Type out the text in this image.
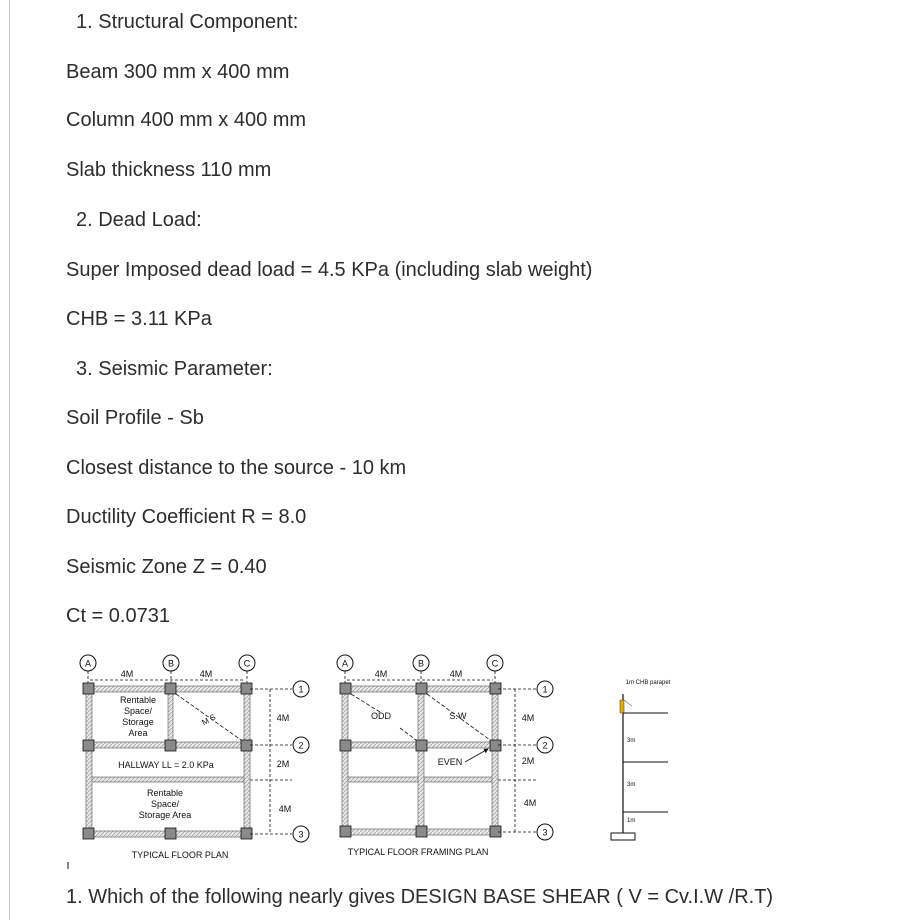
1. Structural Component:
Beam 300 mm x 400 mm
Column 400 mm x 400 mm
Slab thickness 110 mm
2. Dead Load:
Super Imposed dead load = 4.5 KPa (including slab weight)
CHB = 3.11 KPa
3. Seismic Parameter:
Soil Profile - Sb
Closest distance to the source - 10 km
Ductility Coefficient R = 8.0
Seismic Zone Z = 0.40
Ct = 0.0731
A	B	C
4M	4M
M S
Rentable
Space/
Storage
Area
HALLWAY LL = 2.0 KPa
Rentable
Space/
Storage Area
4M
2M
4M
1
2
3
TYPICAL FLOOR PLAN
A	B	C
4M	4M
ODD	S.W
EVEN
4M
2M
4M
1
2
3
TYPICAL FLOOR FRAMING PLAN
1m CHB parapet
3m
3m
1m
1. Which of the following nearly gives DESIGN BASE SHEAR ( V = Cv.I.W /R.T)
